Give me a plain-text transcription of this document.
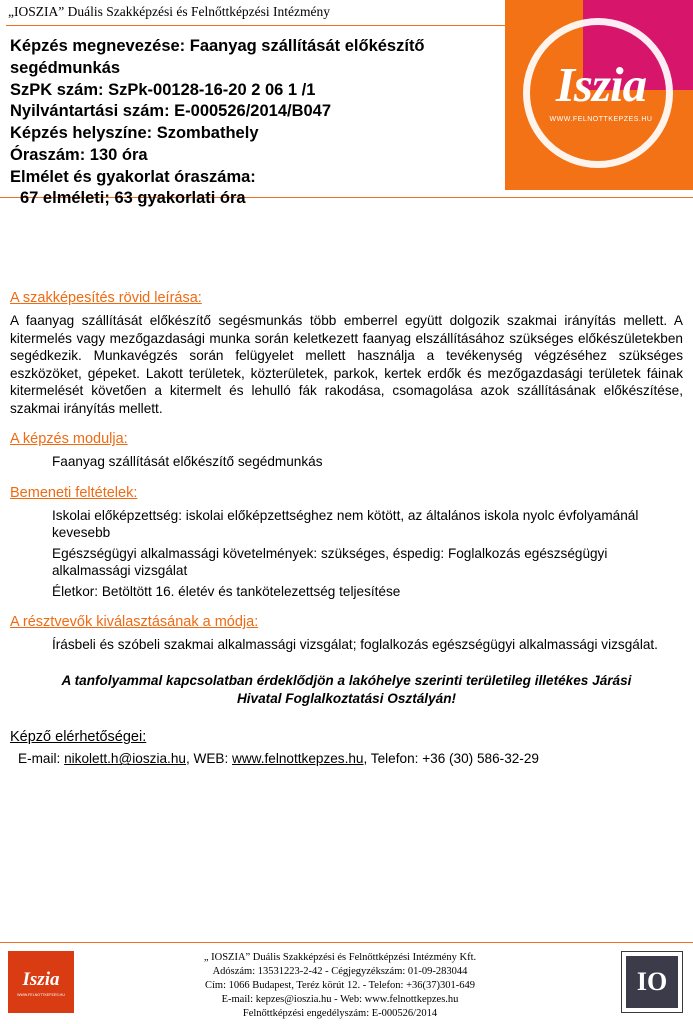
„IOSZIA” Duális Szakképzési és Felnőttképzési Intézmény
Iszia
WWW.FELNOTTKEPZES.HU
Képzés megnevezése: Faanyag szállítását előkészítő segédmunkás
SzPK szám: SzPk-00128-16-20 2 06 1 /1
Nyilvántartási szám: E-000526/2014/B047
Képzés helyszíne: Szombathely
Óraszám: 130 óra
Elmélet és gyakorlat óraszáma:
67 elméleti; 63 gyakorlati óra
A szakképesítés rövid leírása:

A faanyag szállítását előkészítő segésmunkás több emberrel együtt dolgozik szakmai irányítás mellett. A kitermelés vagy mezőgazdasági munka során keletkezett faanyag elszállításához szükséges előkészületekben segédkezik. Munkavégzés során felügyelet mellett használja a tevékenység végzéséhez szükséges eszközöket, gépeket. Lakott területek, közterületek, parkok, kertek erdők és mezőgazdasági területek fáinak kitermelését követően a kitermelt és lehulló fák rakodása, csomagolása azok szállításának előkészítése, szakmai irányítás mellett.

A képzés modulja:
Faanyag szállítását előkészítő segédmunkás
Bemeneti feltételek:
Iskolai előképzettség: iskolai előképzettséghez nem kötött, az általános iskola nyolc évfolyamánál kevesebb
Egészségügyi alkalmassági követelmények: szükséges, éspedig: Foglalkozás egészségügyi alkalmassági vizsgálat
Életkor: Betöltött 16. életév és tankötelezettség teljesítése
A résztvevők kiválasztásának a módja:
Írásbeli és szóbeli szakmai alkalmassági vizsgálat; foglalkozás egészségügyi alkalmassági vizsgálat.
A tanfolyammal kapcsolatban érdeklődjön a lakóhelye szerinti területileg illetékes Járási Hivatal Foglalkoztatási Osztályán!
Képző elérhetőségei:
E-mail: nikolett.h@ioszia.hu, WEB: www.felnottkepzes.hu, Telefon: +36 (30) 586-32-29
Iszia
WWW.FELNOTTKEPZES.HU
„ IOSZIA” Duális Szakképzési és Felnőttképzési Intézmény Kft.
Adószám: 13531223-2-42 - Cégjegyzékszám: 01-09-283044
Cím: 1066 Budapest, Teréz körút 12. - Telefon: +36(37)301-649
E-mail: kepzes@ioszia.hu - Web: www.felnottkepzes.hu
Felnőttképzési engedélyszám: E-000526/2014
IO
